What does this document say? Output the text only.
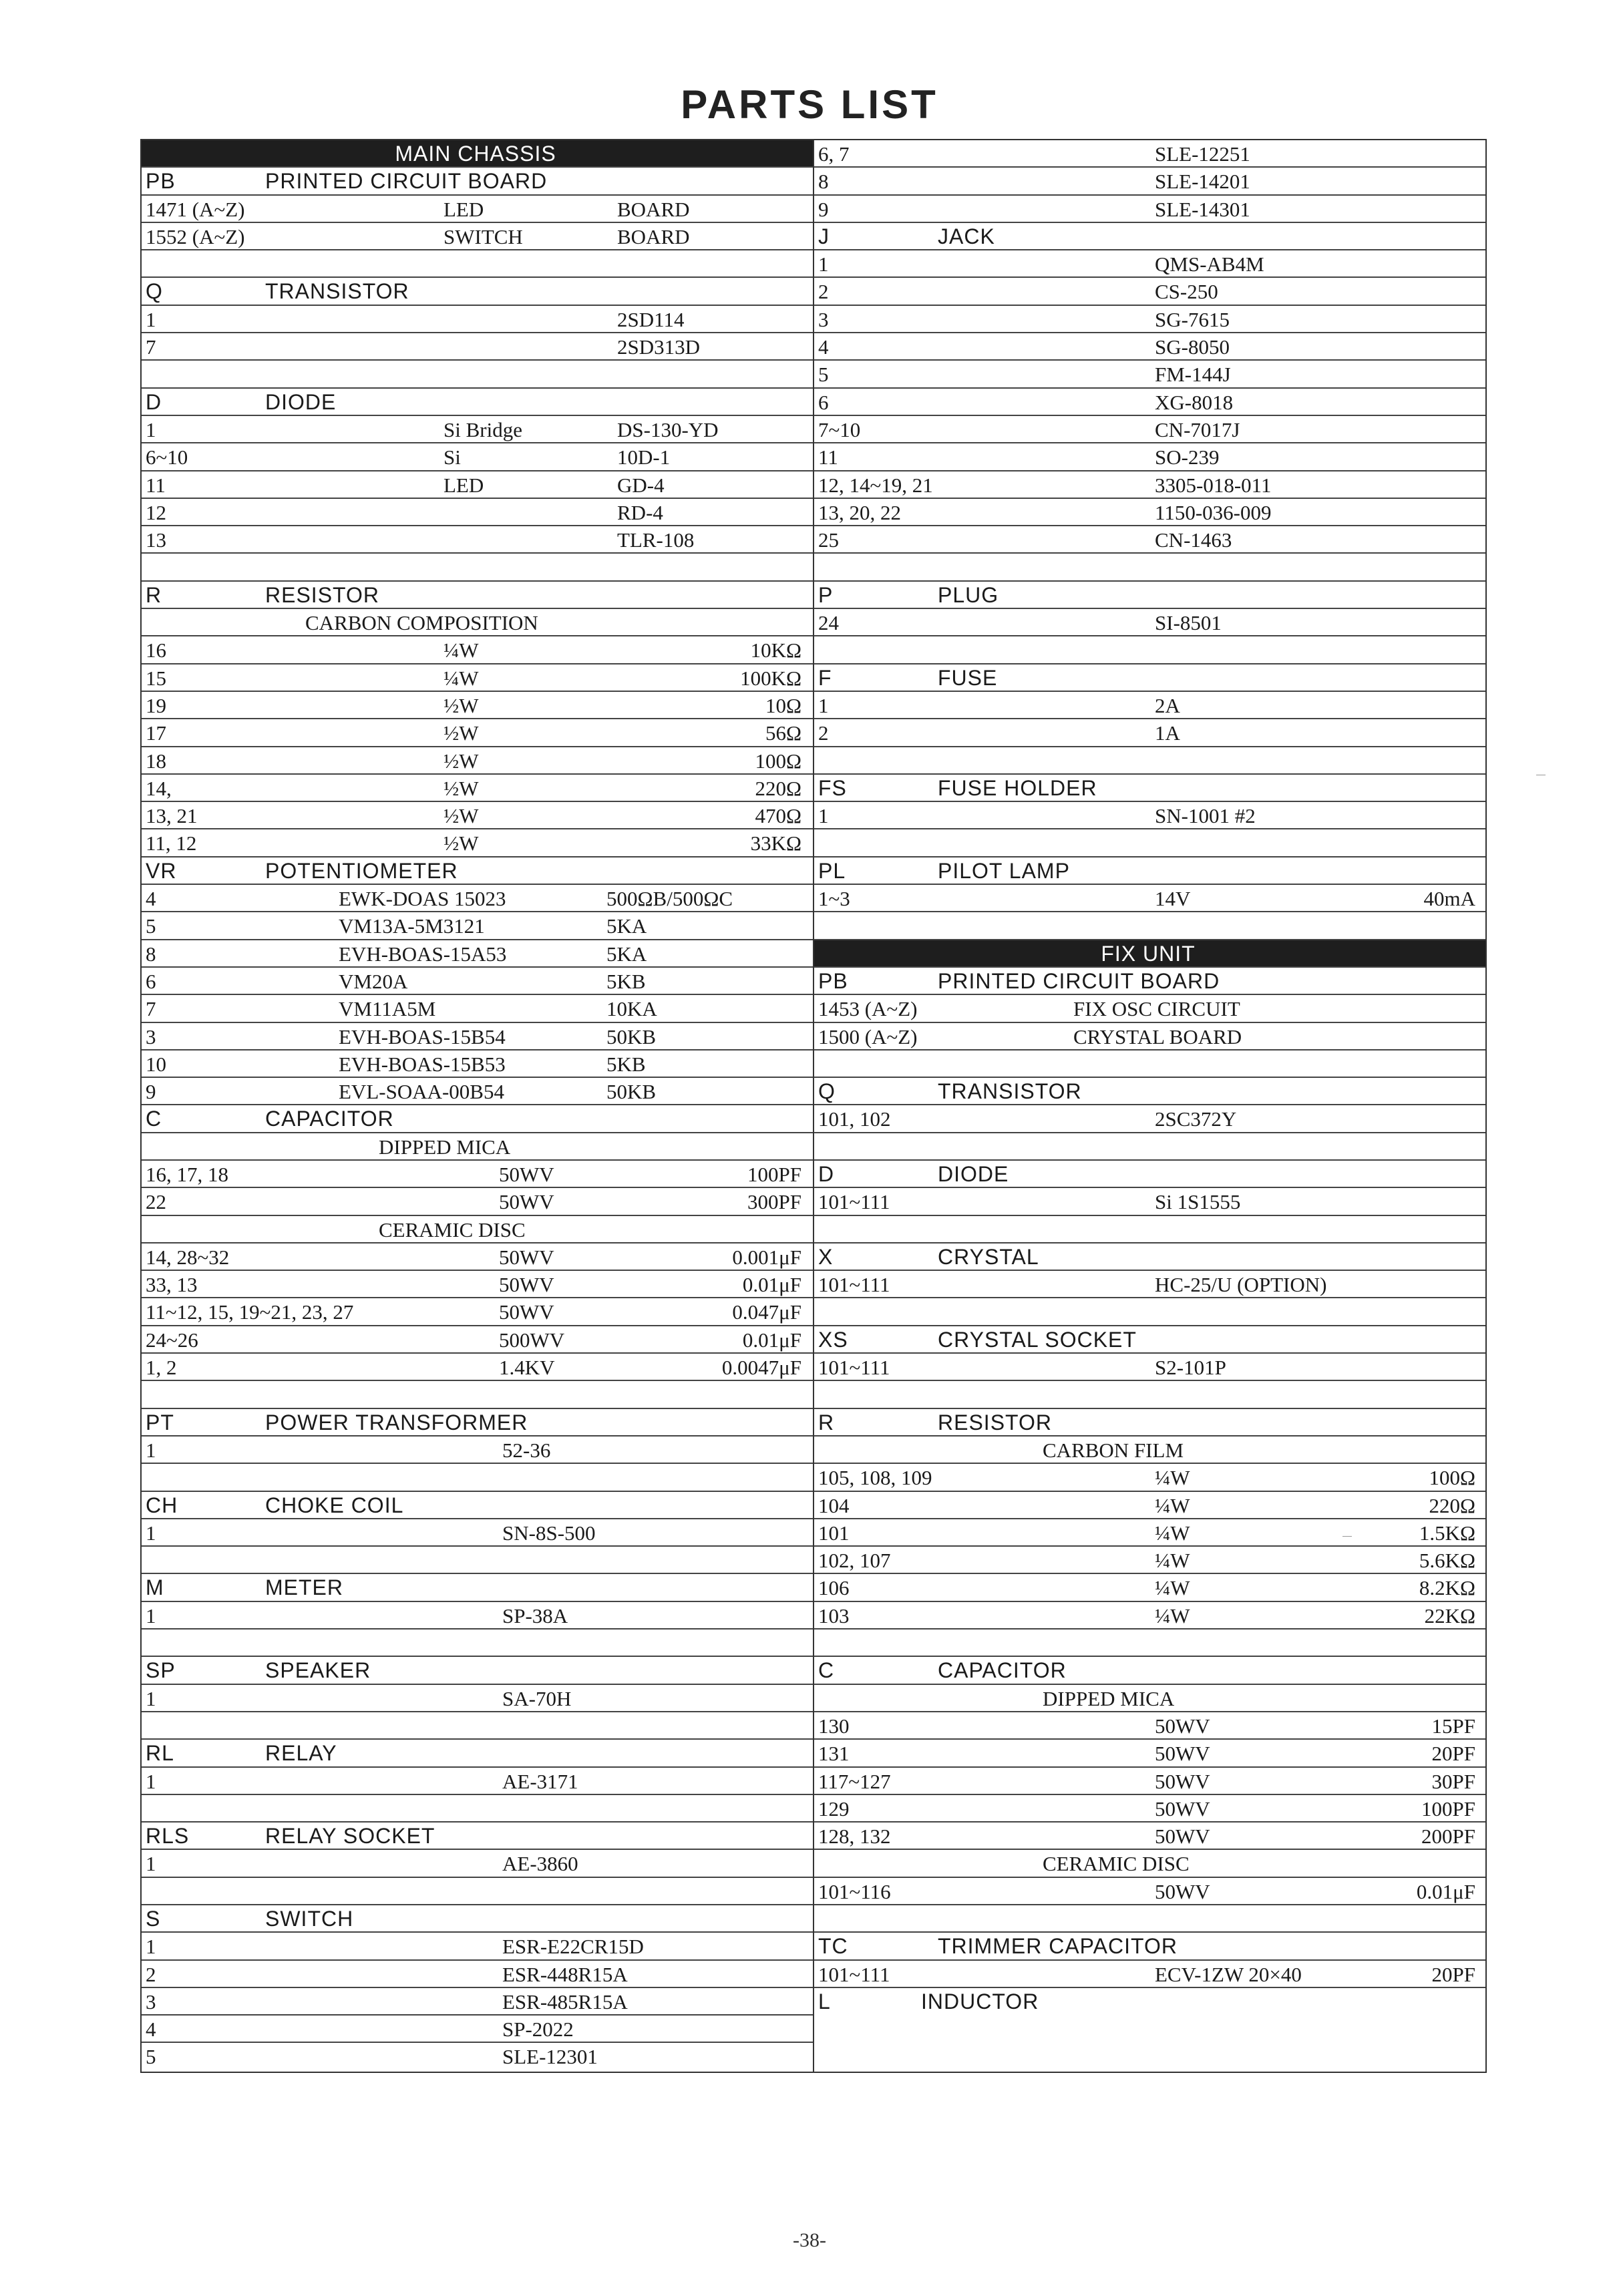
PARTS LIST
MAIN CHASSIS
PB	PRINTED CIRCUIT BOARD
1471 (A~Z)	LED	BOARD
1552 (A~Z)	SWITCH	BOARD
Q	TRANSISTOR
1	2SD114
7	2SD313D
D	DIODE
1	Si Bridge	DS-130-YD
6~10	Si	10D-1
11	LED	GD-4
12	RD-4
13	TLR-108
R	RESISTOR
CARBON COMPOSITION
16	¼W	10KΩ
15	¼W	100KΩ
19	½W	10Ω
17	½W	56Ω
18	½W	100Ω
14,	½W	220Ω
13, 21	½W	470Ω
11, 12	½W	33KΩ
VR	POTENTIOMETER
4	EWK-DOAS 15023	500ΩB/500ΩC
5	VM13A-5M3121	5KA
8	EVH-BOAS-15A53	5KA
6	VM20A	5KB
7	VM11A5M	10KA
3	EVH-BOAS-15B54	50KB
10	EVH-BOAS-15B53	5KB
9	EVL-SOAA-00B54	50KB
C	CAPACITOR
DIPPED MICA
16, 17, 18	50WV	100PF
22	50WV	300PF
CERAMIC DISC
14, 28~32	50WV	0.001μF
33, 13	50WV	0.01μF
11~12, 15, 19~21, 23, 27	50WV	0.047μF
24~26	500WV	0.01μF
1, 2	1.4KV	0.0047μF
PT	POWER TRANSFORMER
1	52-36
CH	CHOKE COIL
1	SN-8S-500
M	METER
1	SP-38A
SP	SPEAKER
1	SA-70H
RL	RELAY
1	AE-3171
RLS	RELAY SOCKET
1	AE-3860
S	SWITCH
1	ESR-E22CR15D
2	ESR-448R15A
3	ESR-485R15A
4	SP-2022
5	SLE-12301
6, 7	SLE-12251
8	SLE-14201
9	SLE-14301
J	JACK
1	QMS-AB4M
2	CS-250
3	SG-7615
4	SG-8050
5	FM-144J
6	XG-8018
7~10	CN-7017J
11	SO-239
12, 14~19, 21	3305-018-011
13, 20, 22	1150-036-009
25	CN-1463
P	PLUG
24	SI-8501
F	FUSE
1	2A
2	1A
FS	FUSE HOLDER
1	SN-1001 #2
PL	PILOT LAMP
1~3	14V	40mA
FIX UNIT
PB	PRINTED CIRCUIT BOARD
1453 (A~Z)	FIX OSC CIRCUIT
1500 (A~Z)	CRYSTAL BOARD
Q	TRANSISTOR
101, 102	2SC372Y
D	DIODE
101~111	Si 1S1555
X	CRYSTAL
101~111	HC-25/U (OPTION)
XS	CRYSTAL SOCKET
101~111	S2-101P
R	RESISTOR
CARBON FILM
105, 108, 109	¼W	100Ω
104	¼W	220Ω
101	¼W	1.5KΩ
102, 107	¼W	5.6KΩ
106	¼W	8.2KΩ
103	¼W	22KΩ
C	CAPACITOR
DIPPED MICA
130	50WV	15PF
131	50WV	20PF
117~127	50WV	30PF
129	50WV	100PF
128, 132	50WV	200PF
CERAMIC DISC
101~116	50WV	0.01μF
TC	TRIMMER CAPACITOR
101~111	ECV-1ZW 20×40	20PF
L	INDUCTOR
-38-
